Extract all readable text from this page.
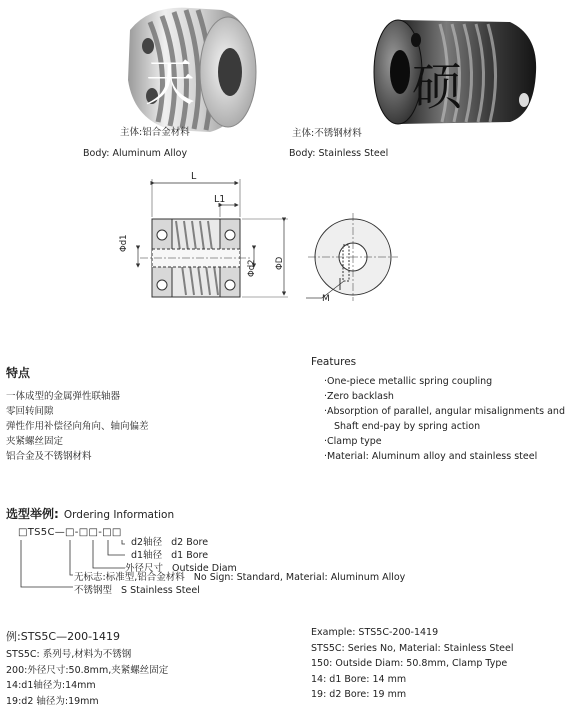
天
主体:铝合金材料
Body: Aluminum Alloy
硕
主体:不锈钢材料
Body: Stainless Steel
L
L1
Φd1
Φd2 ΦD
M
特点
一体成型的金属弹性联轴器
零回转间隙
弹性作用补偿径向角向、轴向偏差
夹紧螺丝固定
铝合金及不锈钢材料
Features
·One-piece metallic spring coupling
·Zero backlash
·Absorption of parallel, angular misalignments and
Shaft end-pay by spring action
·Clamp type
·Material: Aluminum alloy and stainless steel
选型举例: Ordering Information
□TS5C—□-□□-□□
d2轴径 d2 Bore
d1轴径 d1 Bore
外径尺寸 Outside Diam
无标志:标准型,铝合金材料 No Sign: Standard, Material: Aluminum Alloy
不锈钢型 S Stainless Steel
例:STS5C—200-1419
STS5C: 系列号,材料为不锈钢
200:外径尺寸:50.8mm,夹紧螺丝固定
14:d1轴径为:14mm
19:d2 轴径为:19mm
Example: STS5C-200-1419
STS5C: Series No, Material: Stainless Steel
150: Outside Diam: 50.8mm, Clamp Type
14: d1 Bore: 14 mm
19: d2 Bore: 19 mm
